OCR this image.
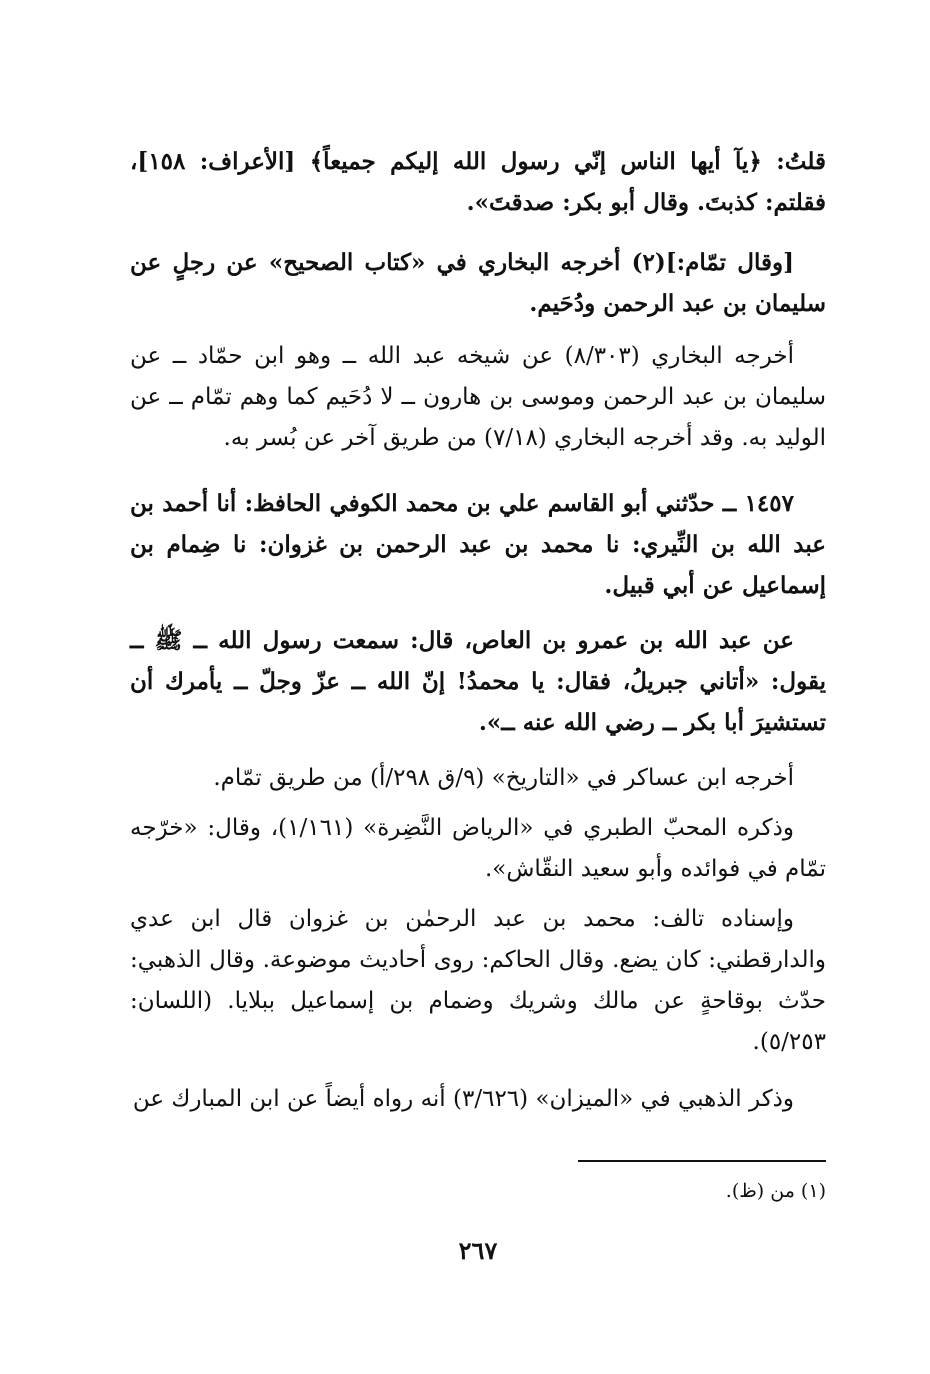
قلتُ: ﴿يآ أيها الناس إنّي رسول الله إليكم جميعاً﴾ [الأعراف: ١٥٨]، فقلتم: كذبتَ. وقال أبو بكر: صدقتَ».

[وقال تمّام:](٢) أخرجه البخاري في «كتاب الصحيح» عن رجلٍ عن سليمان بن عبد الرحمن ودُحَيم.

أخرجه البخاري (٨/٣٠٣) عن شيخه عبد الله ــ وهو ابن حمّاد ــ عن سليمان بن عبد الرحمن وموسى بن هارون ــ لا دُحَيم كما وهم تمّام ــ عن الوليد به. وقد أخرجه البخاري (٧/١٨) من طريق آخر عن بُسر به.

١٤٥٧ ــ حدّثني أبو القاسم علي بن محمد الكوفي الحافظ: أنا أحمد بن عبد الله بن النِّيري: نا محمد بن عبد الرحمن بن غزوان: نا ضِمام بن إسماعيل عن أبي قبيل.

عن عبد الله بن عمرو بن العاص، قال: سمعت رسول الله ــ ﷺ ــ يقول: «أتاني جبريلُ، فقال: يا محمدُ! إنّ الله ــ عزّ وجلّ ــ يأمرك أن تستشيرَ أبا بكر ــ رضي الله عنه ــ».

أخرجه ابن عساكر في «التاريخ» (٩/ق ٢٩٨/أ) من طريق تمّام.

وذكره المحبّ الطبري في «الرياض النَّضِرة» (١/١٦١)، وقال: «خرّجه تمّام في فوائده وأبو سعيد النقّاش».

وإسناده تالف: محمد بن عبد الرحمٰن بن غزوان قال ابن عدي والدارقطني: كان يضع. وقال الحاكم: روى أحاديث موضوعة. وقال الذهبي: حدّث بوقاحةٍ عن مالك وشريك وضمام بن إسماعيل ببلايا. (اللسان: ٥/٢٥٣).

وذكر الذهبي في «الميزان» (٣/٦٢٦) أنه رواه أيضاً عن ابن المبارك عن

(١) من (ظ).

٢٦٧
